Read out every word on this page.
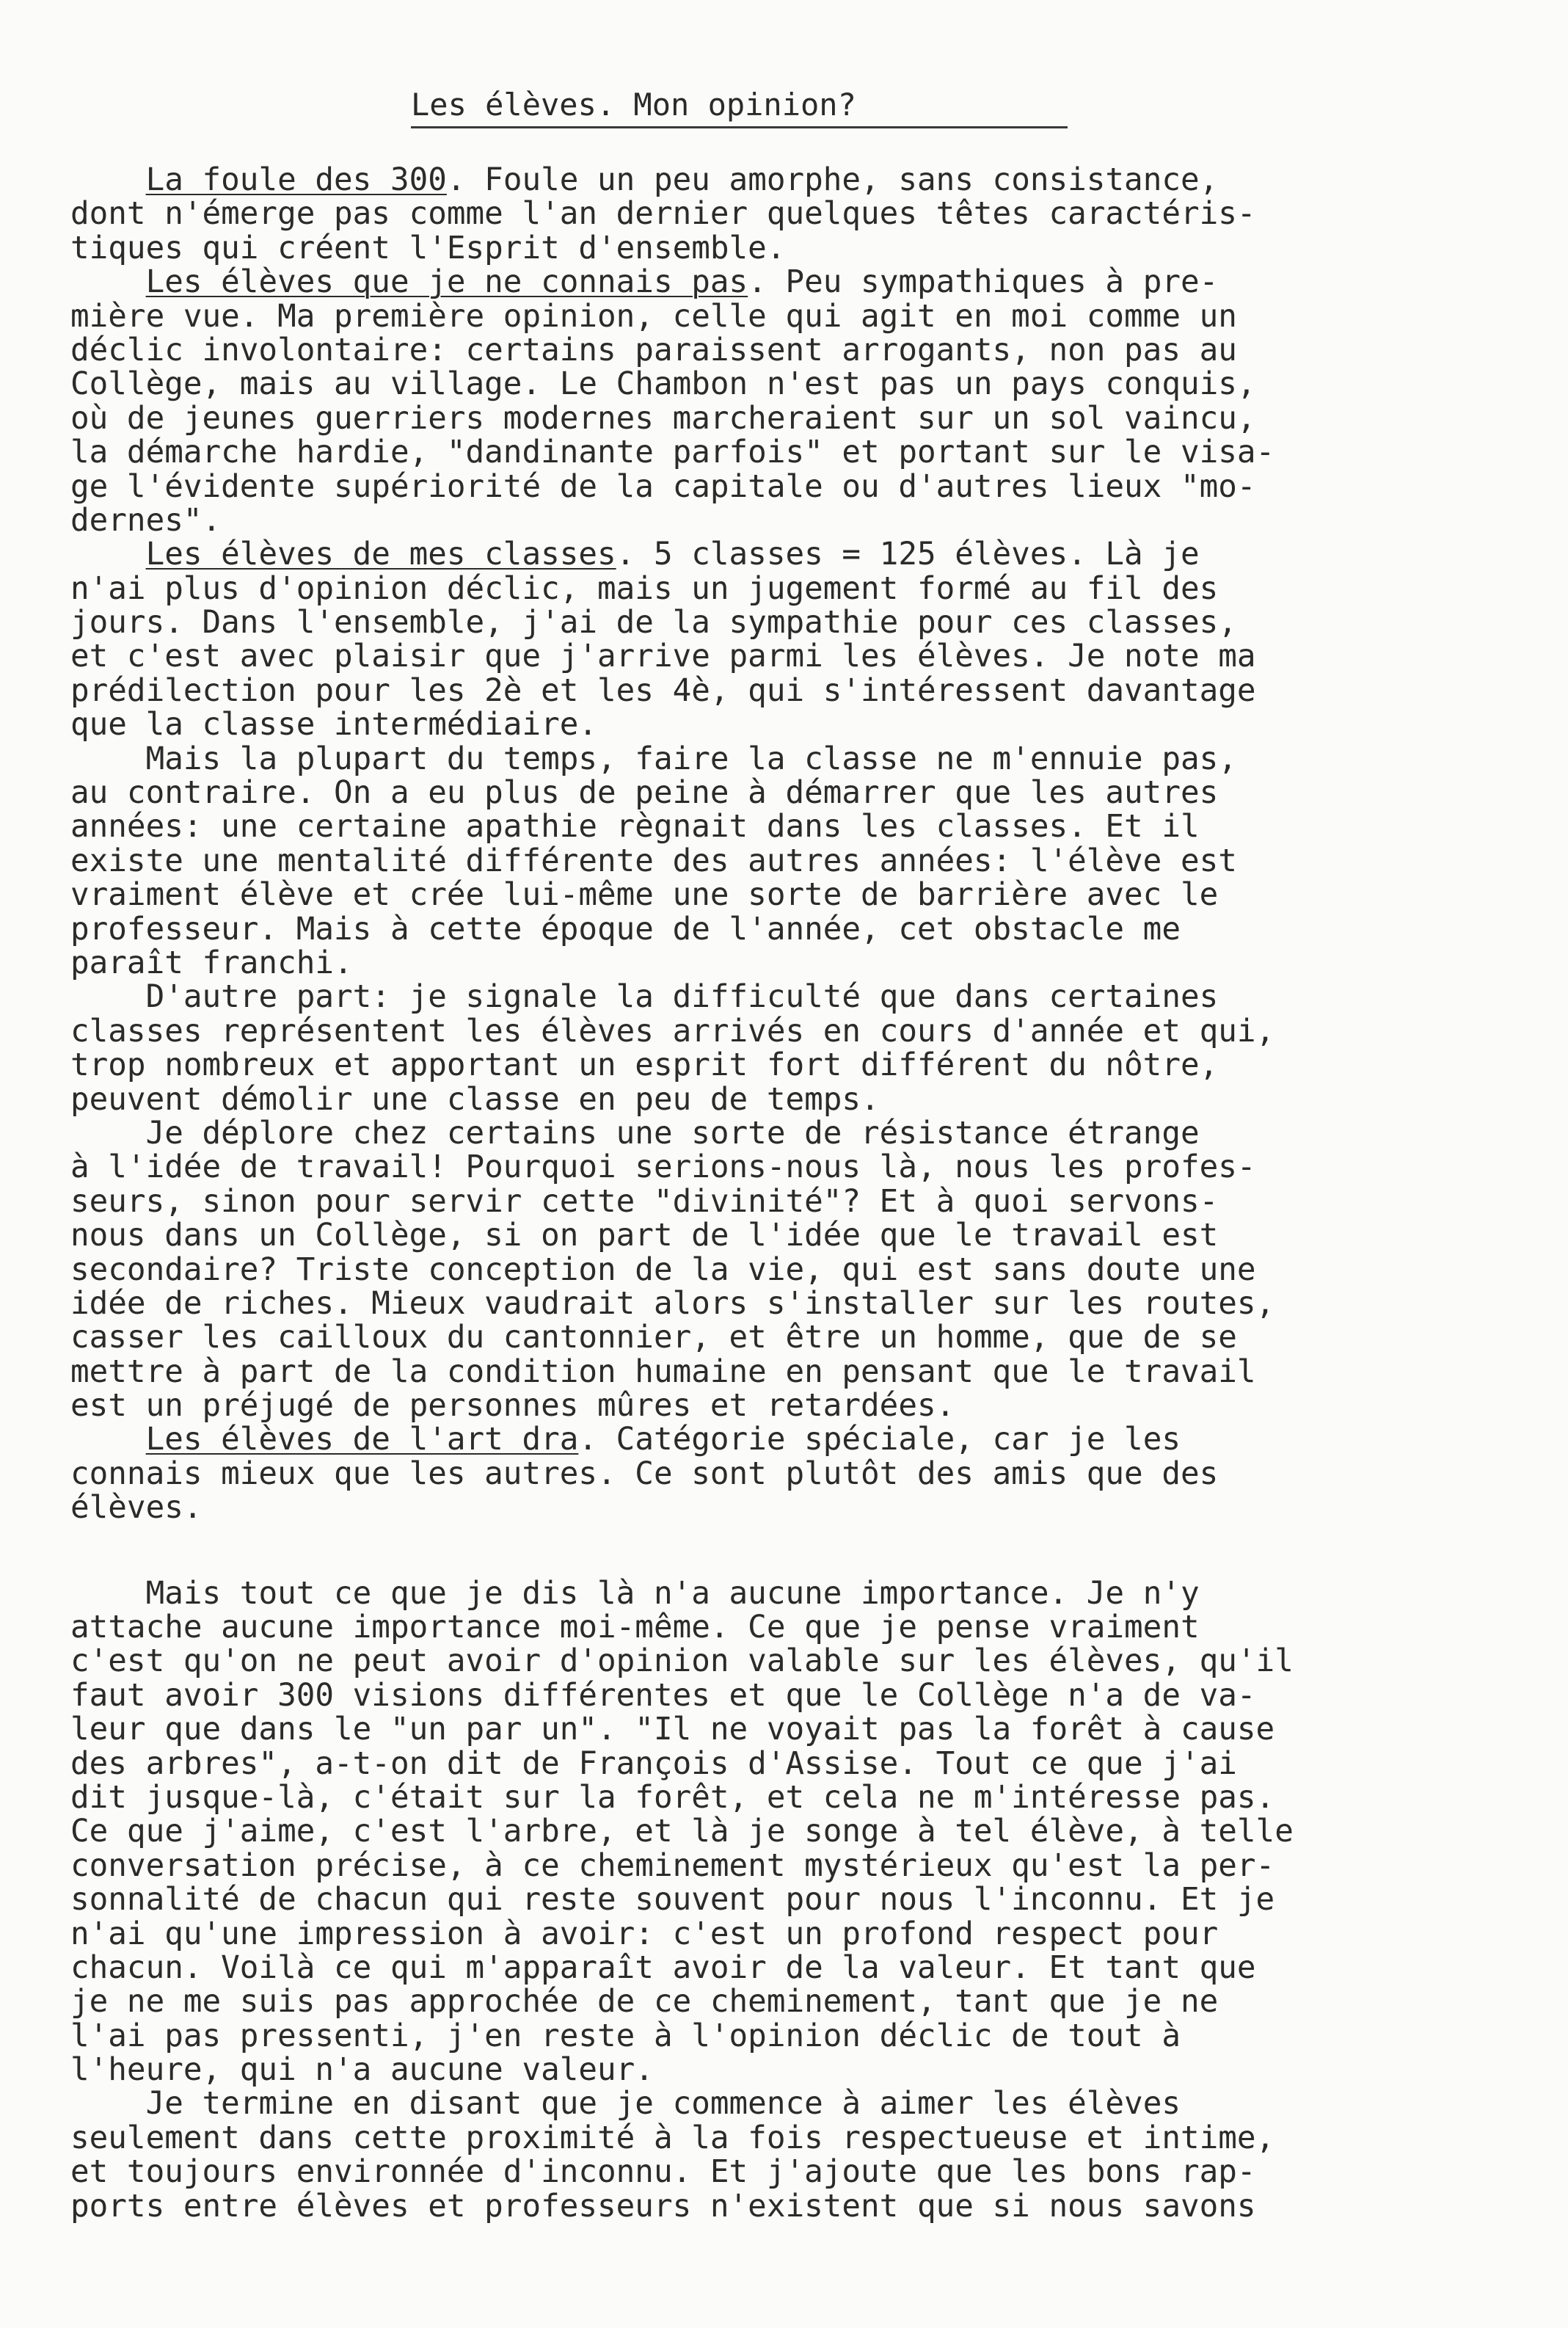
Les élèves. Mon opinion?
La foule des 300. Foule un peu amorphe, sans consistance,
dont n'émerge pas comme l'an dernier quelques têtes caractéris-
tiques qui créent l'Esprit d'ensemble.
Les élèves que je ne connais pas. Peu sympathiques à pre-
mière vue. Ma première opinion, celle qui agit en moi comme un
déclic involontaire: certains paraissent arrogants, non pas au
Collège, mais au village. Le Chambon n'est pas un pays conquis,
où de jeunes guerriers modernes marcheraient sur un sol vaincu,
la démarche hardie, "dandinante parfois" et portant sur le visa-
ge l'évidente supériorité de la capitale ou d'autres lieux "mo-
dernes".
Les élèves de mes classes. 5 classes = 125 élèves. Là je
n'ai plus d'opinion déclic, mais un jugement formé au fil des
jours. Dans l'ensemble, j'ai de la sympathie pour ces classes,
et c'est avec plaisir que j'arrive parmi les élèves. Je note ma
prédilection pour les 2è et les 4è, qui s'intéressent davantage
que la classe intermédiaire.
Mais la plupart du temps, faire la classe ne m'ennuie pas,
au contraire. On a eu plus de peine à démarrer que les autres
années: une certaine apathie règnait dans les classes. Et il
existe une mentalité différente des autres années: l'élève est
vraiment élève et crée lui-même une sorte de barrière avec le
professeur. Mais à cette époque de l'année, cet obstacle me
paraît franchi.
D'autre part: je signale la difficulté que dans certaines
classes représentent les élèves arrivés en cours d'année et qui,
trop nombreux et apportant un esprit fort différent du nôtre,
peuvent démolir une classe en peu de temps.
Je déplore chez certains une sorte de résistance étrange
à l'idée de travail! Pourquoi serions-nous là, nous les profes-
seurs, sinon pour servir cette "divinité"? Et à quoi servons-
nous dans un Collège, si on part de l'idée que le travail est
secondaire? Triste conception de la vie, qui est sans doute une
idée de riches. Mieux vaudrait alors s'installer sur les routes,
casser les cailloux du cantonnier, et être un homme, que de se
mettre à part de la condition humaine en pensant que le travail
est un préjugé de personnes mûres et retardées.
Les élèves de l'art dra. Catégorie spéciale, car je les
connais mieux que les autres. Ce sont plutôt des amis que des
élèves.
Mais tout ce que je dis là n'a aucune importance. Je n'y
attache aucune importance moi-même. Ce que je pense vraiment
c'est qu'on ne peut avoir d'opinion valable sur les élèves, qu'il
faut avoir 300 visions différentes et que le Collège n'a de va-
leur que dans le "un par un". "Il ne voyait pas la forêt à cause
des arbres", a-t-on dit de François d'Assise. Tout ce que j'ai
dit jusque-là, c'était sur la forêt, et cela ne m'intéresse pas.
Ce que j'aime, c'est l'arbre, et là je songe à tel élève, à telle
conversation précise, à ce cheminement mystérieux qu'est la per-
sonnalité de chacun qui reste souvent pour nous l'inconnu. Et je
n'ai qu'une impression à avoir: c'est un profond respect pour
chacun. Voilà ce qui m'apparaît avoir de la valeur. Et tant que
je ne me suis pas approchée de ce cheminement, tant que je ne
l'ai pas pressenti, j'en reste à l'opinion déclic de tout à
l'heure, qui n'a aucune valeur.
Je termine en disant que je commence à aimer les élèves
seulement dans cette proximité à la fois respectueuse et intime,
et toujours environnée d'inconnu. Et j'ajoute que les bons rap-
ports entre élèves et professeurs n'existent que si nous savons
